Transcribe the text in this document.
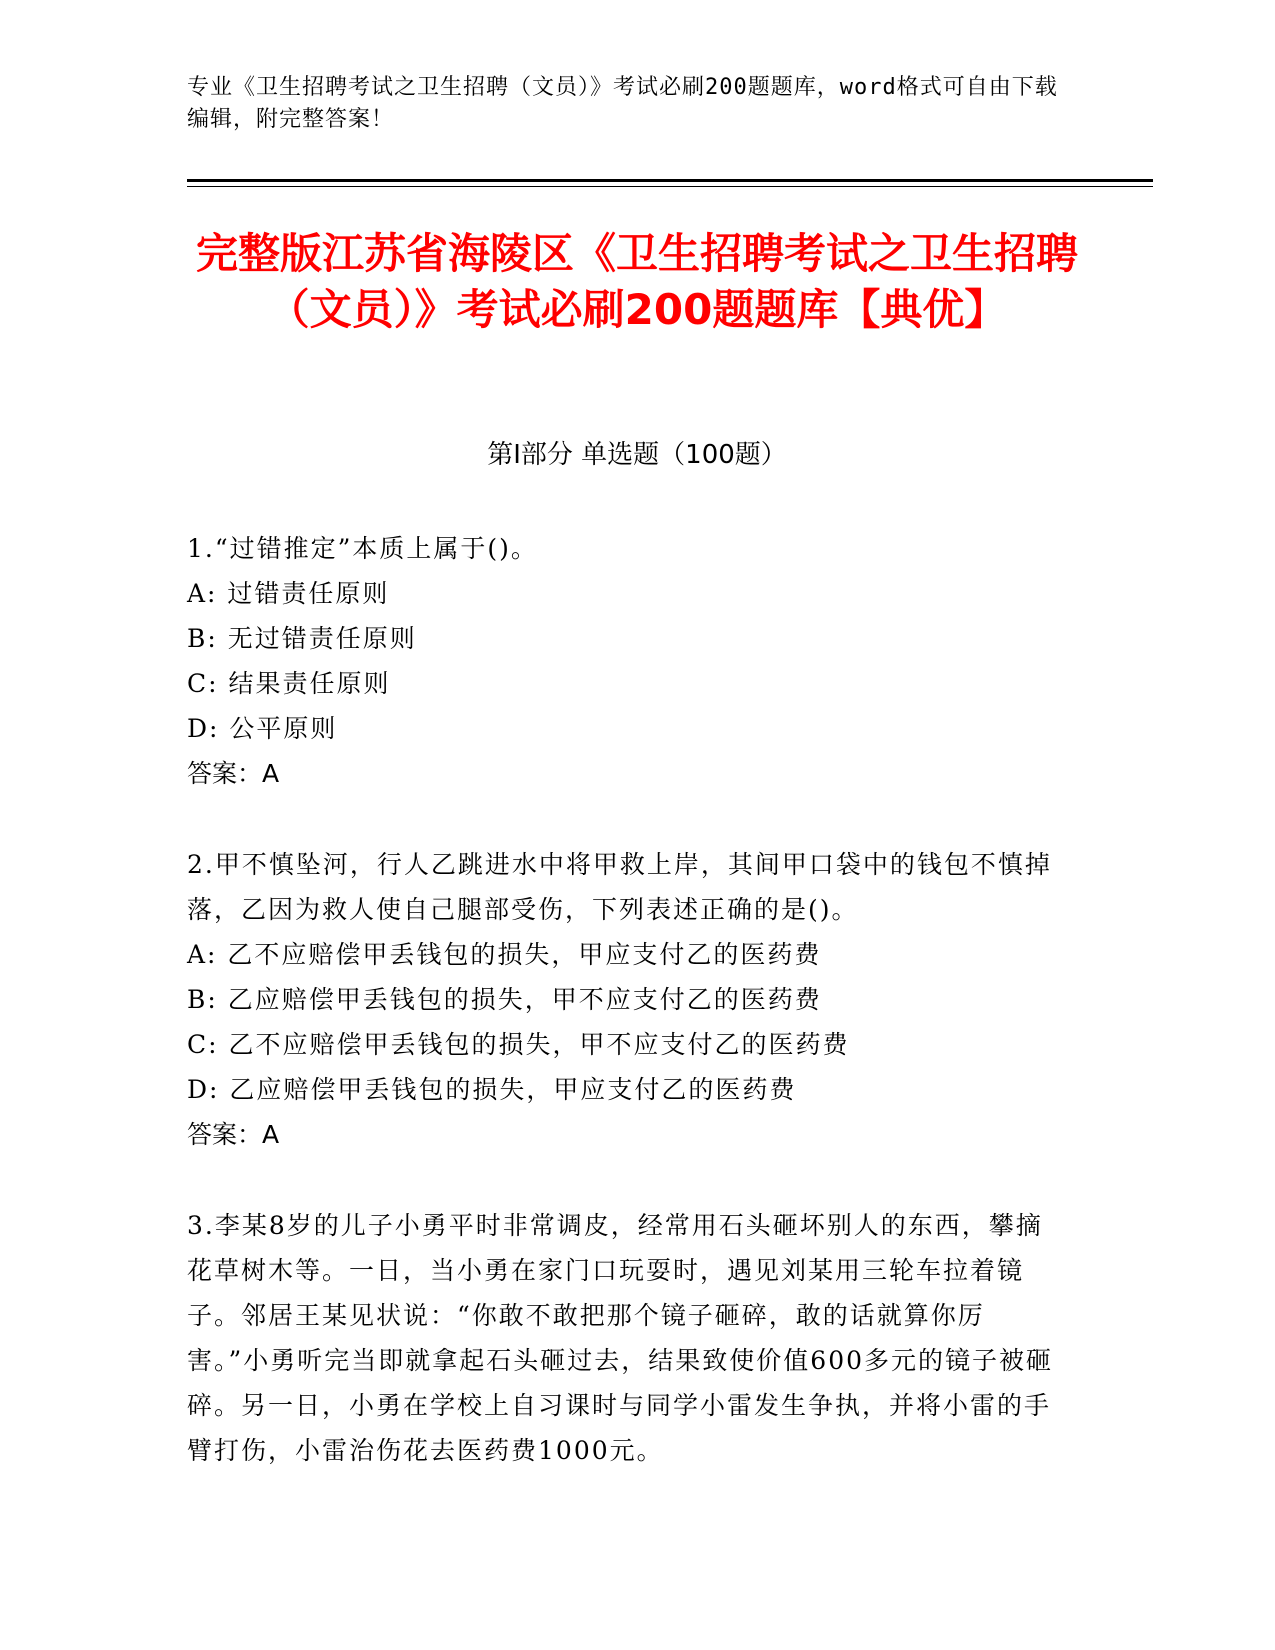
专业《卫生招聘考试之卫生招聘（文员）》考试必刷200题题库，word格式可自由下载编辑，附完整答案！
完整版江苏省海陵区《卫生招聘考试之卫生招聘（文员）》考试必刷200题题库【典优】
第I部分 单选题（100题）
1.“过错推定”本质上属于()。
A: 过错责任原则
B: 无过错责任原则
C: 结果责任原则
D: 公平原则
答案：A
2.甲不慎坠河，行人乙跳进水中将甲救上岸，其间甲口袋中的钱包不慎掉落，乙因为救人使自己腿部受伤，下列表述正确的是()。
A: 乙不应赔偿甲丢钱包的损失，甲应支付乙的医药费
B: 乙应赔偿甲丢钱包的损失，甲不应支付乙的医药费
C: 乙不应赔偿甲丢钱包的损失，甲不应支付乙的医药费
D: 乙应赔偿甲丢钱包的损失，甲应支付乙的医药费
答案：A
3.李某8岁的儿子小勇平时非常调皮，经常用石头砸坏别人的东西，攀摘花草树木等。一日，当小勇在家门口玩耍时，遇见刘某用三轮车拉着镜子。邻居王某见状说：“你敢不敢把那个镜子砸碎，敢的话就算你厉害。”小勇听完当即就拿起石头砸过去，结果致使价值600多元的镜子被砸碎。另一日，小勇在学校上自习课时与同学小雷发生争执，并将小雷的手臂打伤，小雷治伤花去医药费1000元。
